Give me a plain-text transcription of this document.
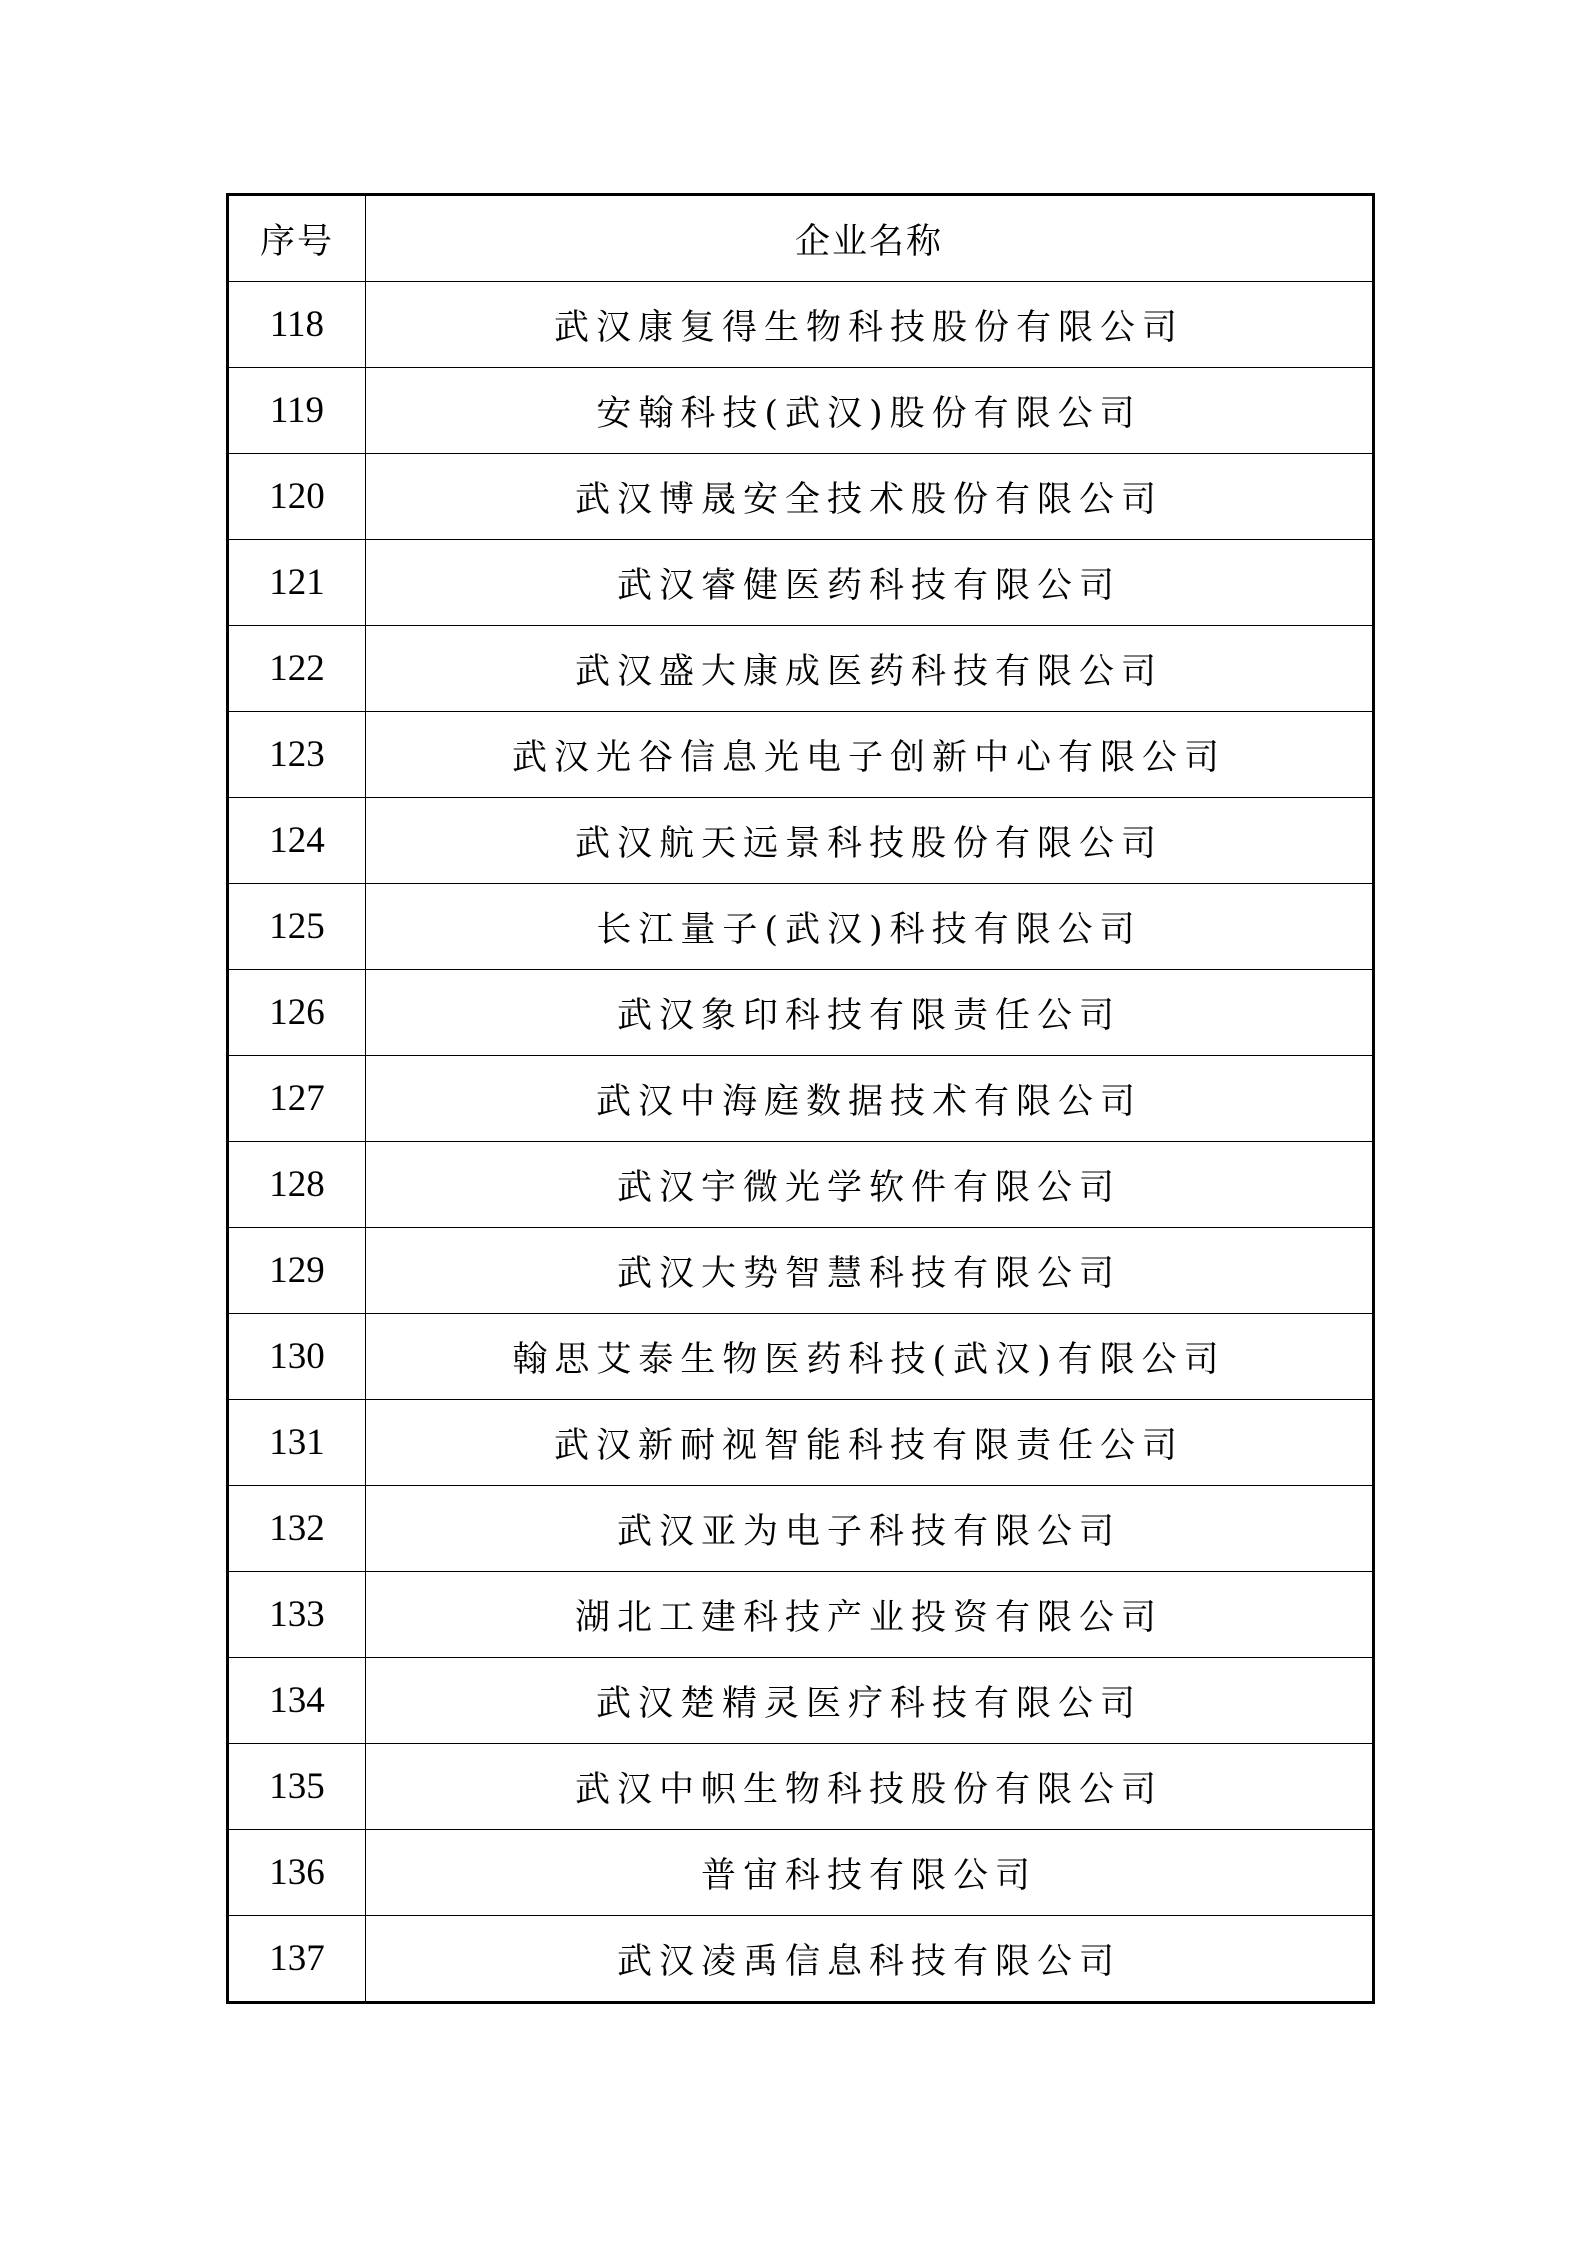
序号	企业名称
118	武汉康复得生物科技股份有限公司
119	安翰科技(武汉)股份有限公司
120	武汉博晟安全技术股份有限公司
121	武汉睿健医药科技有限公司
122	武汉盛大康成医药科技有限公司
123	武汉光谷信息光电子创新中心有限公司
124	武汉航天远景科技股份有限公司
125	长江量子(武汉)科技有限公司
126	武汉象印科技有限责任公司
127	武汉中海庭数据技术有限公司
128	武汉宇微光学软件有限公司
129	武汉大势智慧科技有限公司
130	翰思艾泰生物医药科技(武汉)有限公司
131	武汉新耐视智能科技有限责任公司
132	武汉亚为电子科技有限公司
133	湖北工建科技产业投资有限公司
134	武汉楚精灵医疗科技有限公司
135	武汉中帜生物科技股份有限公司
136	普宙科技有限公司
137	武汉凌禹信息科技有限公司
